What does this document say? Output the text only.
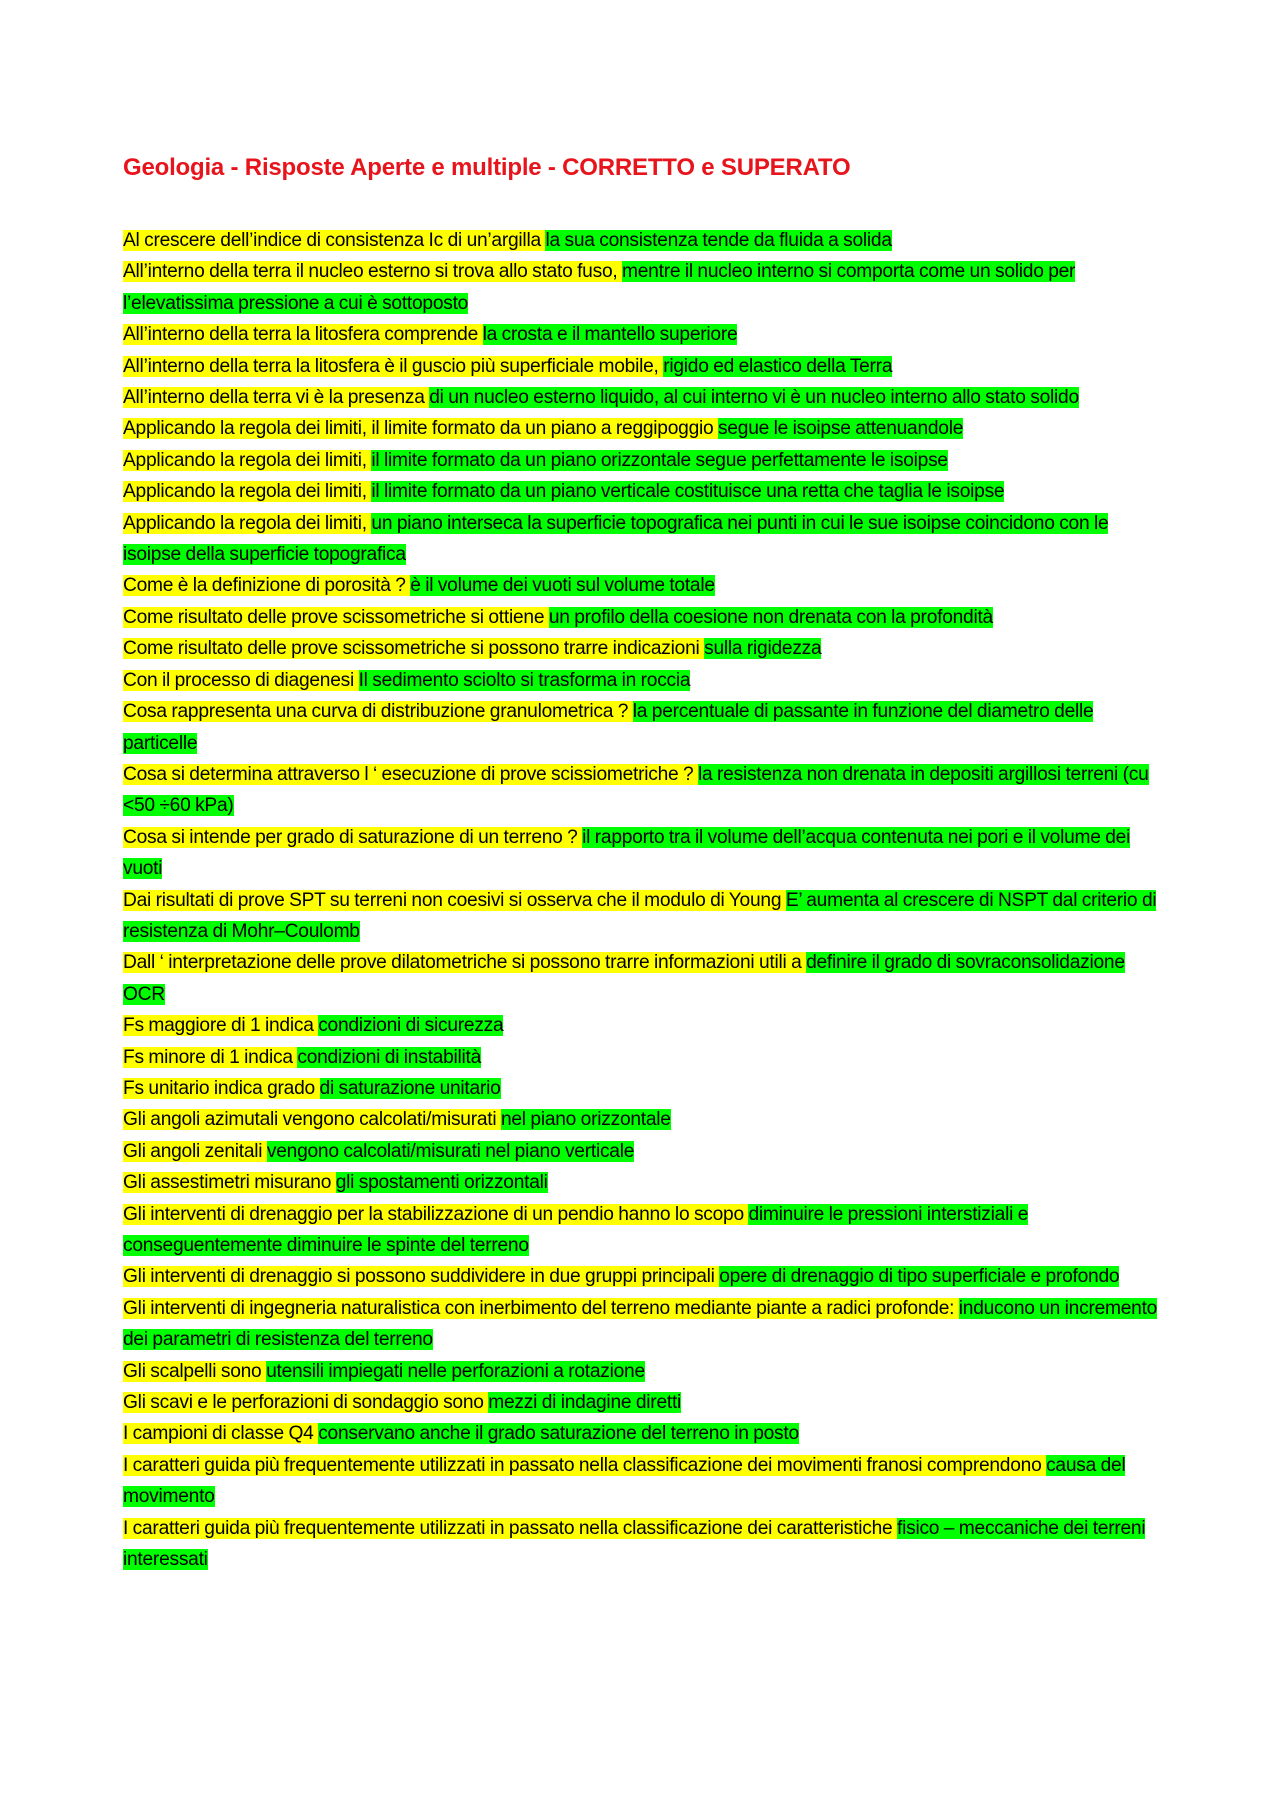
Geologia - Risposte Aperte e multiple - CORRETTO e SUPERATO

Al crescere dell’indice di consistenza Ic di un’argilla la sua consistenza tende da fluida a solida

All’interno della terra il nucleo esterno si trova allo stato fuso, mentre il nucleo interno si comporta come un solido per l’elevatissima pressione a cui è sottoposto

All’interno della terra la litosfera comprende la crosta e il mantello superiore

All’interno della terra la litosfera è il guscio più superficiale mobile, rigido ed elastico della Terra

All’interno della terra vi è la presenza di un nucleo esterno liquido, al cui interno vi è un nucleo interno allo stato solido

Applicando la regola dei limiti, il limite formato da un piano a reggipoggio segue le isoipse attenuandole

Applicando la regola dei limiti, il limite formato da un piano orizzontale segue perfettamente le isoipse

Applicando la regola dei limiti, il limite formato da un piano verticale costituisce una retta che taglia le isoipse

Applicando la regola dei limiti, un piano interseca la superficie topografica nei punti in cui le sue isoipse coincidono con le isoipse della superficie topografica

Come è la definizione di porosità ? è il volume dei vuoti sul volume totale

Come risultato delle prove scissometriche si ottiene un profilo della coesione non drenata con la profondità

Come risultato delle prove scissometriche si possono trarre indicazioni sulla rigidezza

Con il processo di diagenesi Il sedimento sciolto si trasforma in roccia

Cosa rappresenta una curva di distribuzione granulometrica ? la percentuale di passante in funzione del diametro delle particelle

Cosa si determina attraverso l ‘ esecuzione di prove scissiometriche ? la resistenza non drenata in depositi argillosi terreni (cu <50 ÷60 kPa)

Cosa si intende per grado di saturazione di un terreno ? il rapporto tra il volume dell’acqua contenuta nei pori e il volume dei vuoti

Dai risultati di prove SPT su terreni non coesivi si osserva che il modulo di Young E’ aumenta al crescere di NSPT dal criterio di resistenza di Mohr–Coulomb

Dall ‘ interpretazione delle prove dilatometriche si possono trarre informazioni utili a definire il grado di sovraconsolidazione OCR

Fs maggiore di 1 indica condizioni di sicurezza

Fs minore di 1 indica condizioni di instabilità

Fs unitario indica grado di saturazione unitario

Gli angoli azimutali vengono calcolati/misurati nel piano orizzontale

Gli angoli zenitali vengono calcolati/misurati nel piano verticale

Gli assestimetri misurano gli spostamenti orizzontali

Gli interventi di drenaggio per la stabilizzazione di un pendio hanno lo scopo diminuire le pressioni interstiziali e conseguentemente diminuire le spinte del terreno

Gli interventi di drenaggio si possono suddividere in due gruppi principali opere di drenaggio di tipo superficiale e profondo

Gli interventi di ingegneria naturalistica con inerbimento del terreno mediante piante a radici profonde: inducono un incremento dei parametri di resistenza del terreno

Gli scalpelli sono utensili impiegati nelle perforazioni a rotazione

Gli scavi e le perforazioni di sondaggio sono mezzi di indagine diretti

I campioni di classe Q4 conservano anche il grado saturazione del terreno in posto

I caratteri guida più frequentemente utilizzati in passato nella classificazione dei movimenti franosi comprendono causa del movimento

I caratteri guida più frequentemente utilizzati in passato nella classificazione dei caratteristiche fisico – meccaniche dei terreni interessati
